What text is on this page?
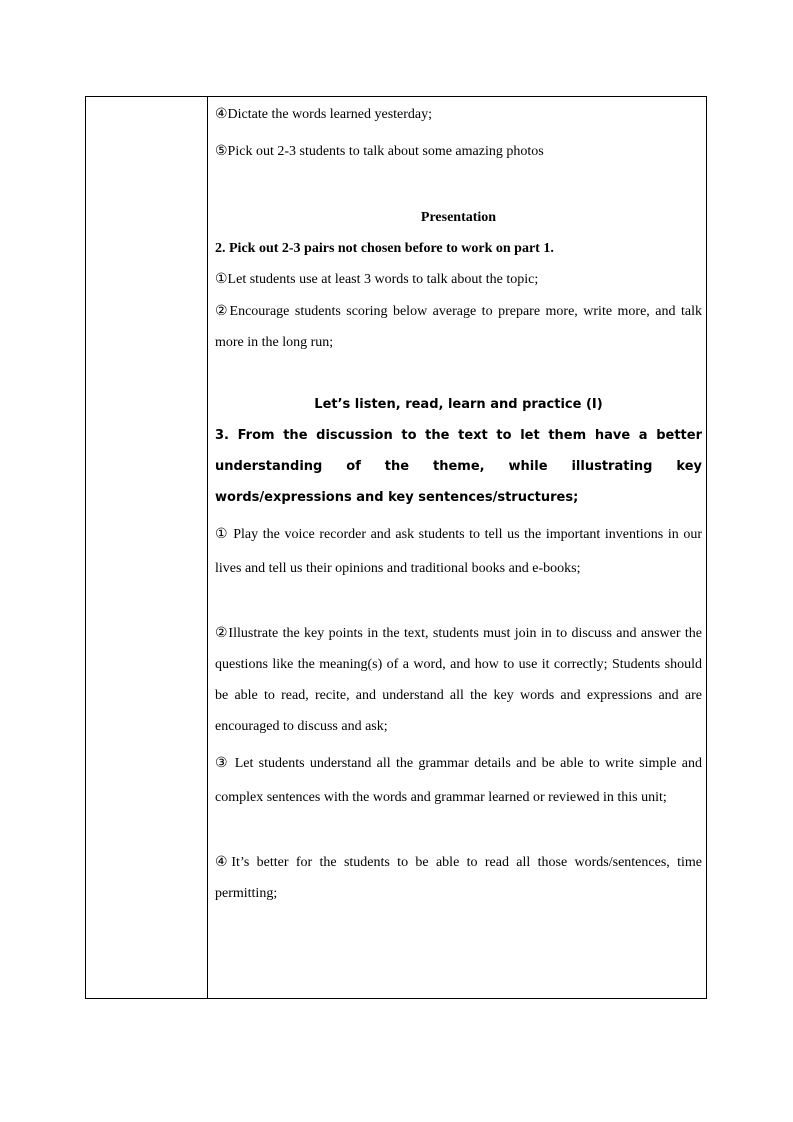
④Dictate the words learned yesterday;

⑤Pick out 2-3 students to talk about some amazing photos

Presentation

2. Pick out 2-3 pairs not chosen before to work on part 1.

①Let students use at least 3 words to talk about the topic;

②Encourage students scoring below average to prepare more, write more, and talk more in the long run;

Let’s listen, read, learn and practice (I)

3. From the discussion to the text to let them have a better understanding of the theme, while illustrating key words/expressions and key sentences/structures;

① Play the voice recorder and ask students to tell us the important inventions in our lives and tell us their opinions and traditional books and e-books;

②Illustrate the key points in the text, students must join in to discuss and answer the questions like the meaning(s) of a word, and how to use it correctly; Students should be able to read, recite, and understand all the key words and expressions and are encouraged to discuss and ask;

③ Let students understand all the grammar details and be able to write simple and complex sentences with the words and grammar learned or reviewed in this unit;

④It’s better for the students to be able to read all those words/sentences, time permitting;
